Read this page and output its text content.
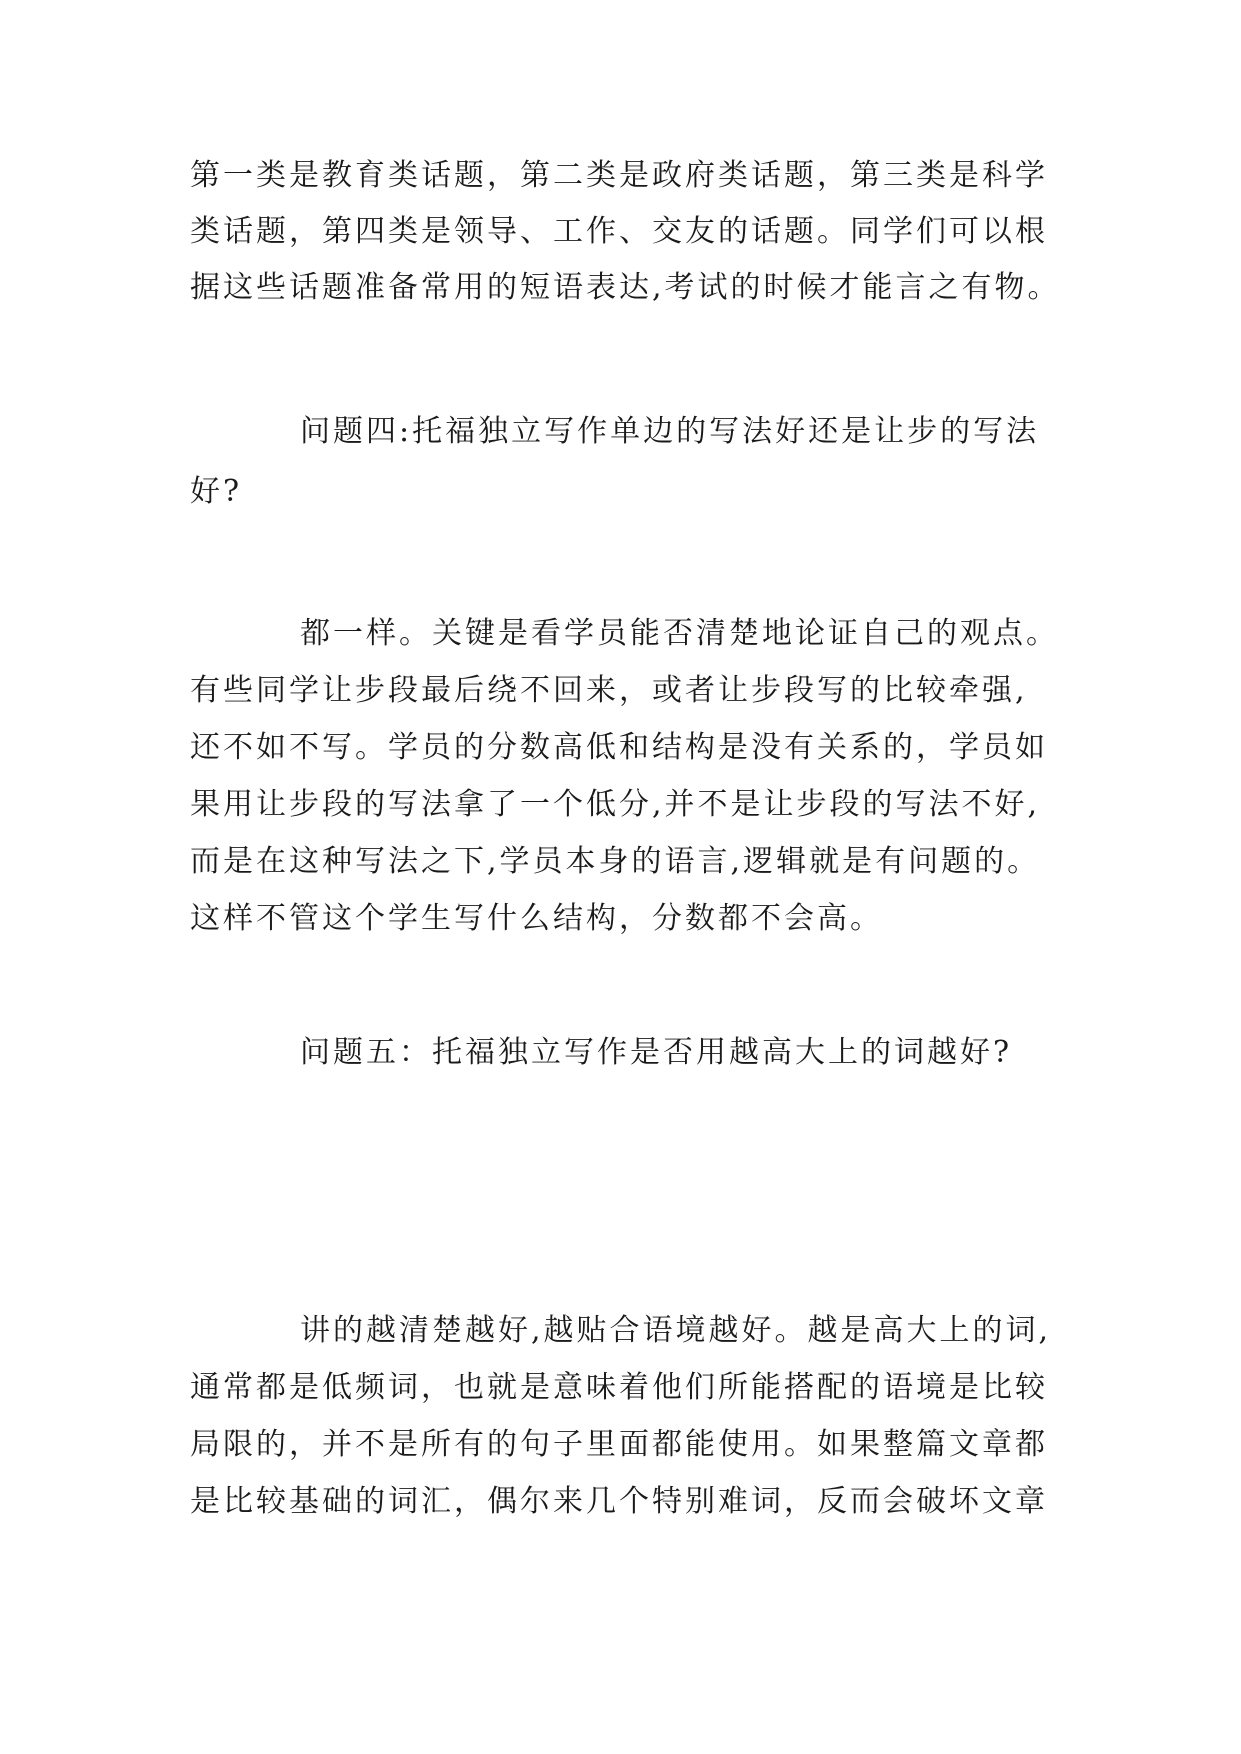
第一类是教育类话题，第二类是政府类话题，第三类是科学
类话题，第四类是领导、工作、交友的话题。同学们可以根
据这些话题准备常用的短语表达,考试的时候才能言之有物。
问题四:托福独立写作单边的写法好还是让步的写法
好?
都一样。关键是看学员能否清楚地论证自己的观点。
有些同学让步段最后绕不回来，或者让步段写的比较牵强,
还不如不写。学员的分数高低和结构是没有关系的，学员如
果用让步段的写法拿了一个低分,并不是让步段的写法不好,
而是在这种写法之下,学员本身的语言,逻辑就是有问题的。
这样不管这个学生写什么结构，分数都不会高。
问题五：托福独立写作是否用越高大上的词越好?
讲的越清楚越好,越贴合语境越好。越是高大上的词,
通常都是低频词，也就是意味着他们所能搭配的语境是比较
局限的，并不是所有的句子里面都能使用。如果整篇文章都
是比较基础的词汇，偶尔来几个特别难词，反而会破坏文章
